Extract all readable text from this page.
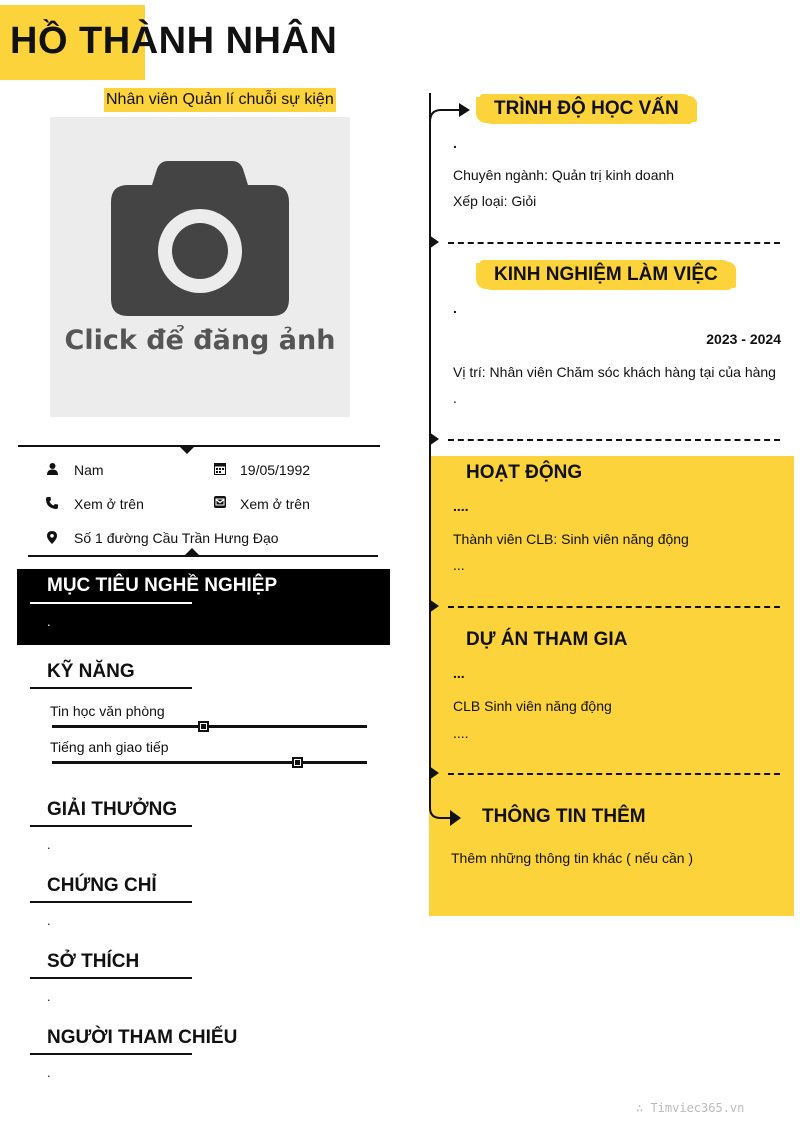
HỒ THÀNH NHÂN
Nhân viên Quản lí chuỗi sự kiện
Click để đăng ảnh
Nam	19/05/1992
Xem ở trên	Xem ở trên
Số 1 đường Cầu Trần Hưng Đạo
MỤC TIÊU NGHỀ NGHIỆP
.
KỸ NĂNG
Tin học văn phòng
Tiếng anh giao tiếp
GIẢI THƯỞNG
.
CHỨNG CHỈ
.
SỞ THÍCH
.
NGƯỜI THAM CHIẾU
.
TRÌNH ĐỘ HỌC VẤN
.
Chuyên ngành: Quản trị kinh doanh
Xếp loại: Giỏi
KINH NGHIỆM LÀM VIỆC
.
2023 - 2024
Vị trí: Nhân viên Chăm sóc khách hàng tại của hàng
.
HOẠT ĐỘNG
....
Thành viên CLB: Sinh viên năng động
...
DỰ ÁN THAM GIA
...
CLB Sinh viên năng động
....
THÔNG TIN THÊM
Thêm những thông tin khác ( nếu cần )
∴ Timviec365.vn
